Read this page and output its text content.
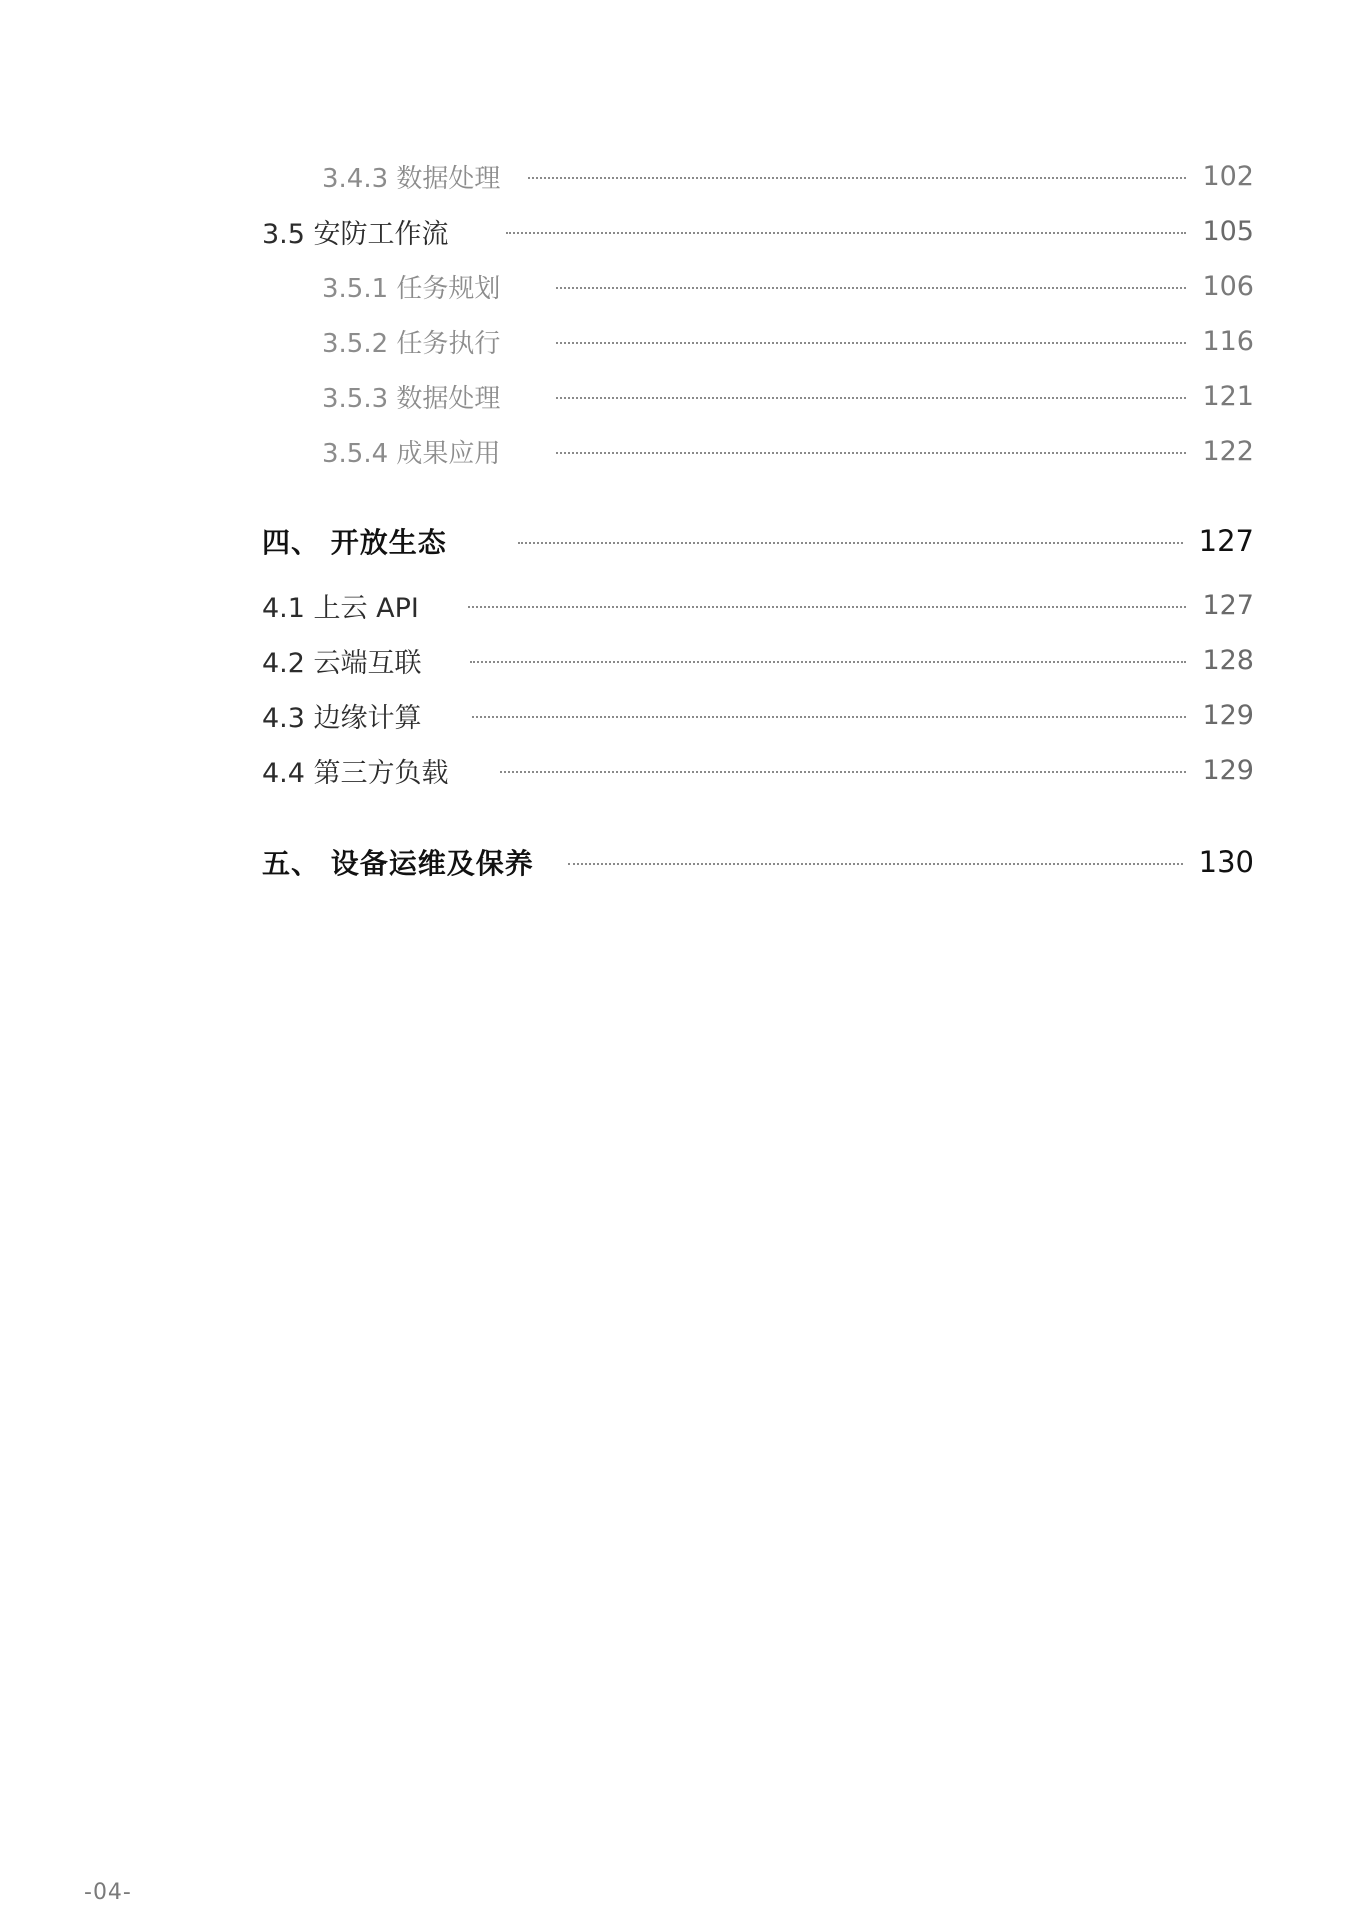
3.4.3 数据处理	102
3.5 安防工作流	105
3.5.1 任务规划	106
3.5.2 任务执行	116
3.5.3 数据处理	121
3.5.4 成果应用	122
四、 开放生态	127
4.1 上云 API	127
4.2 云端互联	128
4.3 边缘计算	129
4.4 第三方负载	129
五、 设备运维及保养	130
-04-
